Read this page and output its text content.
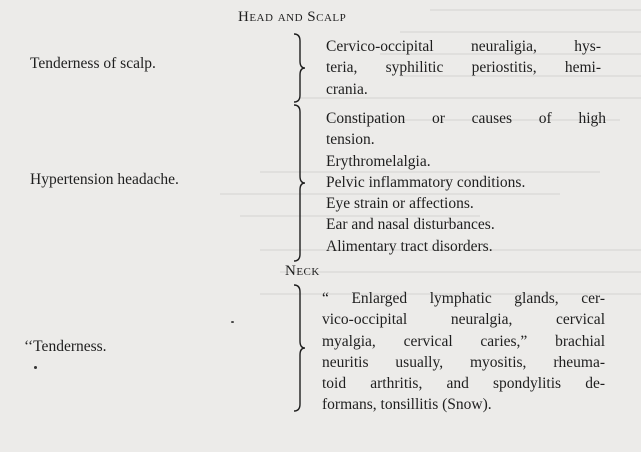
Head and Scalp
Tenderness of scalp.
Cervico-occipital neuraligia, hys-
teria, syphilitic periostitis, hemi-
crania.
Hypertension headache.
Constipation or causes of high
tension.
Erythromelalgia.
Pelvic inflammatory conditions.
Eye strain or affections.
Ear and nasal disturbances.
Alimentary tract disorders.
Neck
‘‘Tenderness.
“ Enlarged lymphatic glands, cer-
vico-occipital neuralgia, cervical
myalgia, cervical caries,” brachial
neuritis usually, myositis, rheuma-
toid arthritis, and spondylitis de-
formans, tonsillitis (Snow).
